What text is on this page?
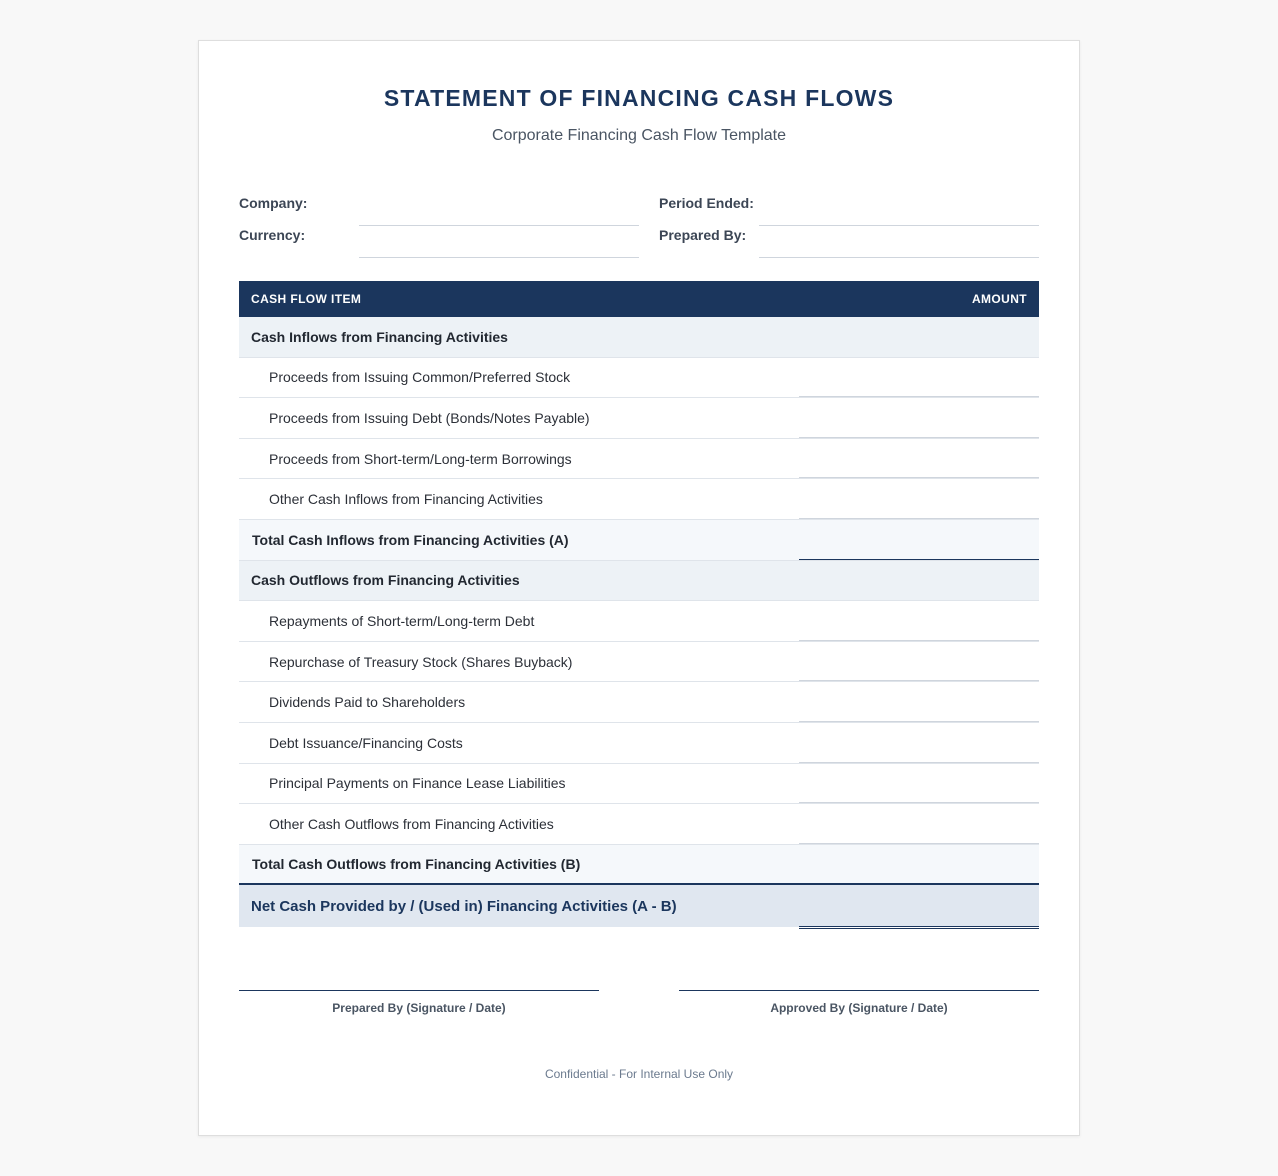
STATEMENT OF FINANCING CASH FLOWS
Corporate Financing Cash Flow Template
Company:	Period Ended:
Currency:	Prepared By:
CASH FLOW ITEM	AMOUNT
Cash Inflows from Financing Activities
Proceeds from Issuing Common/Preferred Stock
Proceeds from Issuing Debt (Bonds/Notes Payable)
Proceeds from Short-term/Long-term Borrowings
Other Cash Inflows from Financing Activities
Total Cash Inflows from Financing Activities (A)
Cash Outflows from Financing Activities
Repayments of Short-term/Long-term Debt
Repurchase of Treasury Stock (Shares Buyback)
Dividends Paid to Shareholders
Debt Issuance/Financing Costs
Principal Payments on Finance Lease Liabilities
Other Cash Outflows from Financing Activities
Total Cash Outflows from Financing Activities (B)
Net Cash Provided by / (Used in) Financing Activities (A - B)
Prepared By (Signature / Date)	Approved By (Signature / Date)
Confidential - For Internal Use Only
